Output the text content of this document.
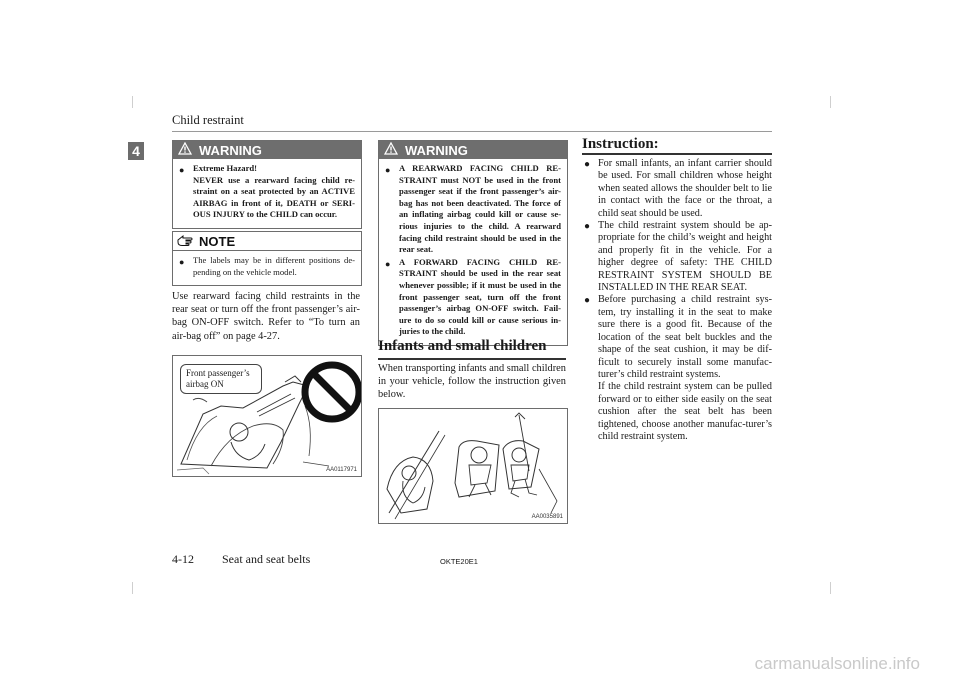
Child restraint
4	WARNING
● Extreme Hazard!
NEVER use a rearward facing child re-straint on a seat protected by an ACTIVE AIRBAG in front of it, DEATH or SERI-OUS INJURY to the CHILD can occur.
NOTE
● The labels may be in different positions de-pending on the vehicle model.
Use rearward facing child restraints in the rear seat or turn off the front passenger’s air-bag ON-OFF switch. Refer to “To turn an air-bag off” on page 4-27.
Front passenger’s airbag ON
AA0117971
WARNING
● A REARWARD FACING CHILD RE-STRAINT must NOT be used in the front passenger seat if the front passenger’s air-bag has not been deactivated. The force of an inflating airbag could kill or cause se-rious injuries to the child. A rearward facing child restraint should be used in the rear seat.
● A FORWARD FACING CHILD RE-STRAINT should be used in the rear seat whenever possible; if it must be used in the front passenger seat, turn off the front passenger’s airbag ON-OFF switch. Fail-ure to do so could kill or cause serious in-juries to the child.
Infants and small children
When transporting infants and small children in your vehicle, follow the instruction given below.
AA0035891
Instruction:
● For small infants, an infant carrier should be used. For small children whose height when seated allows the shoulder belt to lie in contact with the face or the throat, a child seat should be used.
● The child restraint system should be ap-propriate for the child’s weight and height and properly fit in the vehicle. For a higher degree of safety: THE CHILD RESTRAINT SYSTEM SHOULD BE INSTALLED IN THE REAR SEAT.
● Before purchasing a child restraint sys-tem, try installing it in the seat to make sure there is a good fit. Because of the location of the seat belt buckles and the shape of the seat cushion, it may be dif-ficult to securely install some manufac-turer’s child restraint systems.
If the child restraint system can be pulled forward or to either side easily on the seat cushion after the seat belt has been tightened, choose another manufac-turer’s child restraint system.
4-12 Seat and seat belts	OKTE20E1
carmanualsonline.info
